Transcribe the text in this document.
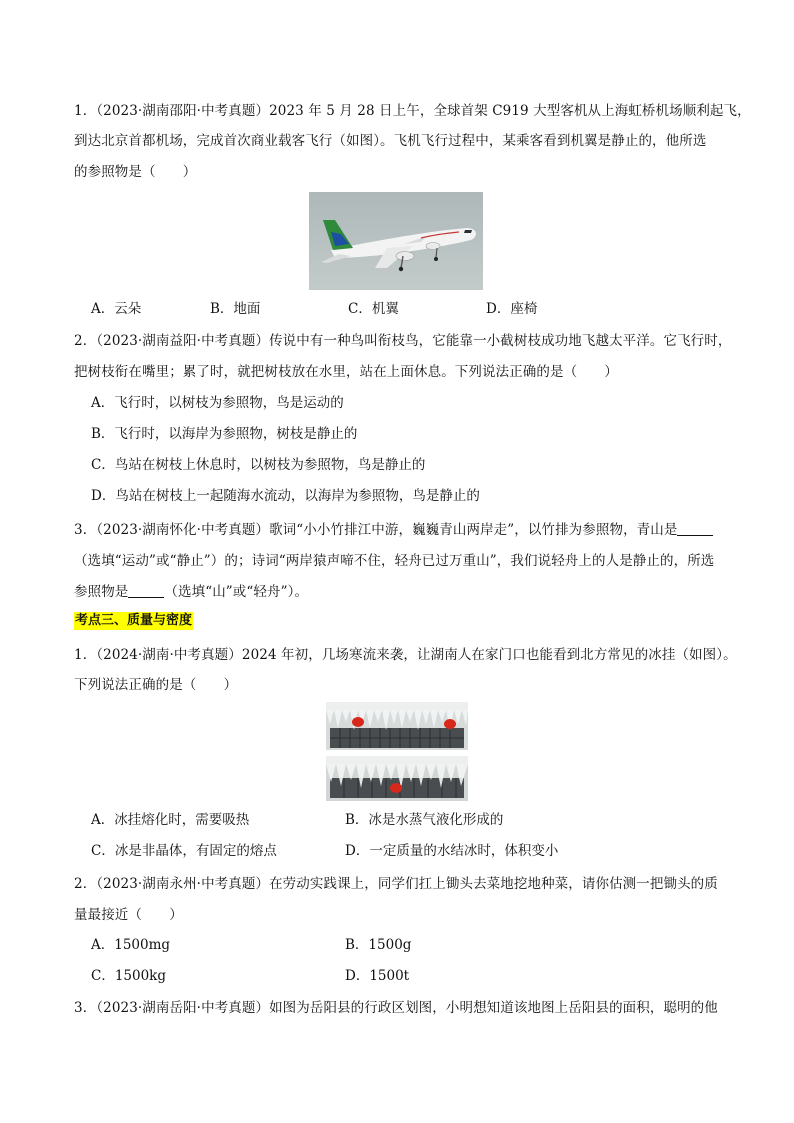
1．（2023·湖南邵阳·中考真题）2023 年 5 月 28 日上午，全球首架 C919 大型客机从上海虹桥机场顺利起飞，
到达北京首都机场，完成首次商业载客飞行（如图）。飞机飞行过程中，某乘客看到机翼是静止的，他所选
的参照物是（　　）
A．云朵	B．地面	C．机翼	D．座椅
2．（2023·湖南益阳·中考真题）传说中有一种鸟叫衔枝鸟，它能靠一小截树枝成功地飞越太平洋。它飞行时，
把树枝衔在嘴里；累了时，就把树枝放在水里，站在上面休息。下列说法正确的是（　　）
A．飞行时，以树枝为参照物，鸟是运动的
B．飞行时，以海岸为参照物，树枝是静止的
C．鸟站在树枝上休息时，以树枝为参照物，鸟是静止的
D．鸟站在树枝上一起随海水流动，以海岸为参照物，鸟是静止的
3．（2023·湖南怀化·中考真题）歌词“小小竹排江中游，巍巍青山两岸走”，以竹排为参照物，青山是
（选填“运动”或“静止”）的；诗词“两岸猿声啼不住，轻舟已过万重山”，我们说轻舟上的人是静止的，所选
参照物是	（选填“山”或“轻舟”）。
考点三、质量与密度
1．（2024·湖南·中考真题）2024 年初，几场寒流来袭，让湖南人在家门口也能看到北方常见的冰挂（如图）。
下列说法正确的是（　　）
A．冰挂熔化时，需要吸热	B．冰是水蒸气液化形成的
C．冰是非晶体，有固定的熔点	D．一定质量的水结冰时，体积变小
2．（2023·湖南永州·中考真题）在劳动实践课上，同学们扛上锄头去菜地挖地种菜，请你估测一把锄头的质
量最接近（　　）
A．1500mg	B．1500g
C．1500kg	D．1500t
3．（2023·湖南岳阳·中考真题）如图为岳阳县的行政区划图，小明想知道该地图上岳阳县的面积，聪明的他
